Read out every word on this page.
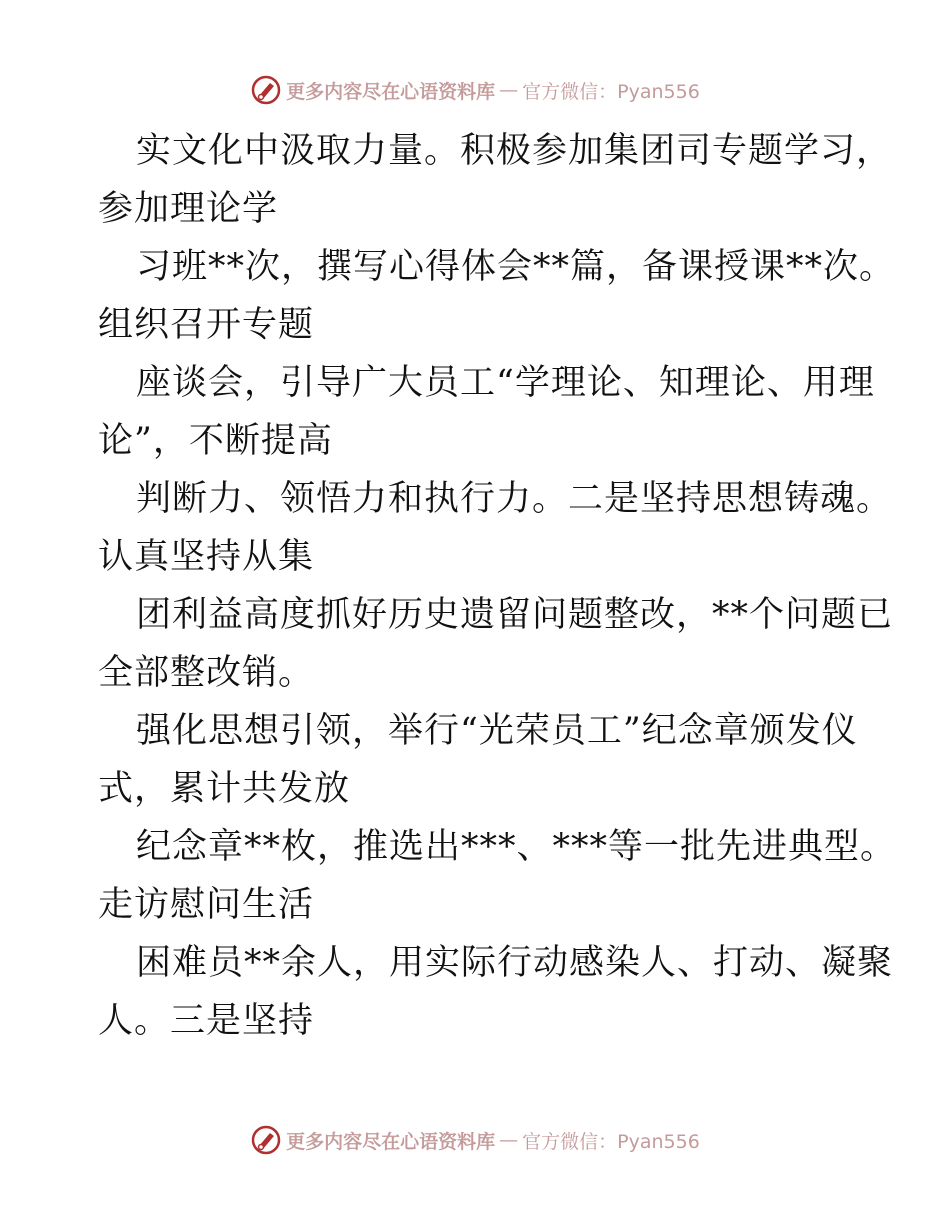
更多内容尽在心语资料库 — 官方微信：Pyan556
实文化中汲取力量。积极参加集团司专题学习，
参加理论学
习班**次，撰写心得体会**篇，备课授课**次。
组织召开专题
座谈会，引导广大员工“学理论、知理论、用理
论”，不断提高
判断力、领悟力和执行力。二是坚持思想铸魂。
认真坚持从集
团利益高度抓好历史遗留问题整改，**个问题已
全部整改销。
强化思想引领，举行“光荣员工”纪念章颁发仪
式，累计共发放
纪念章**枚，推选出***、***等一批先进典型。
走访慰问生活
困难员**余人，用实际行动感染人、打动、凝聚
人。三是坚持
更多内容尽在心语资料库 — 官方微信：Pyan556
